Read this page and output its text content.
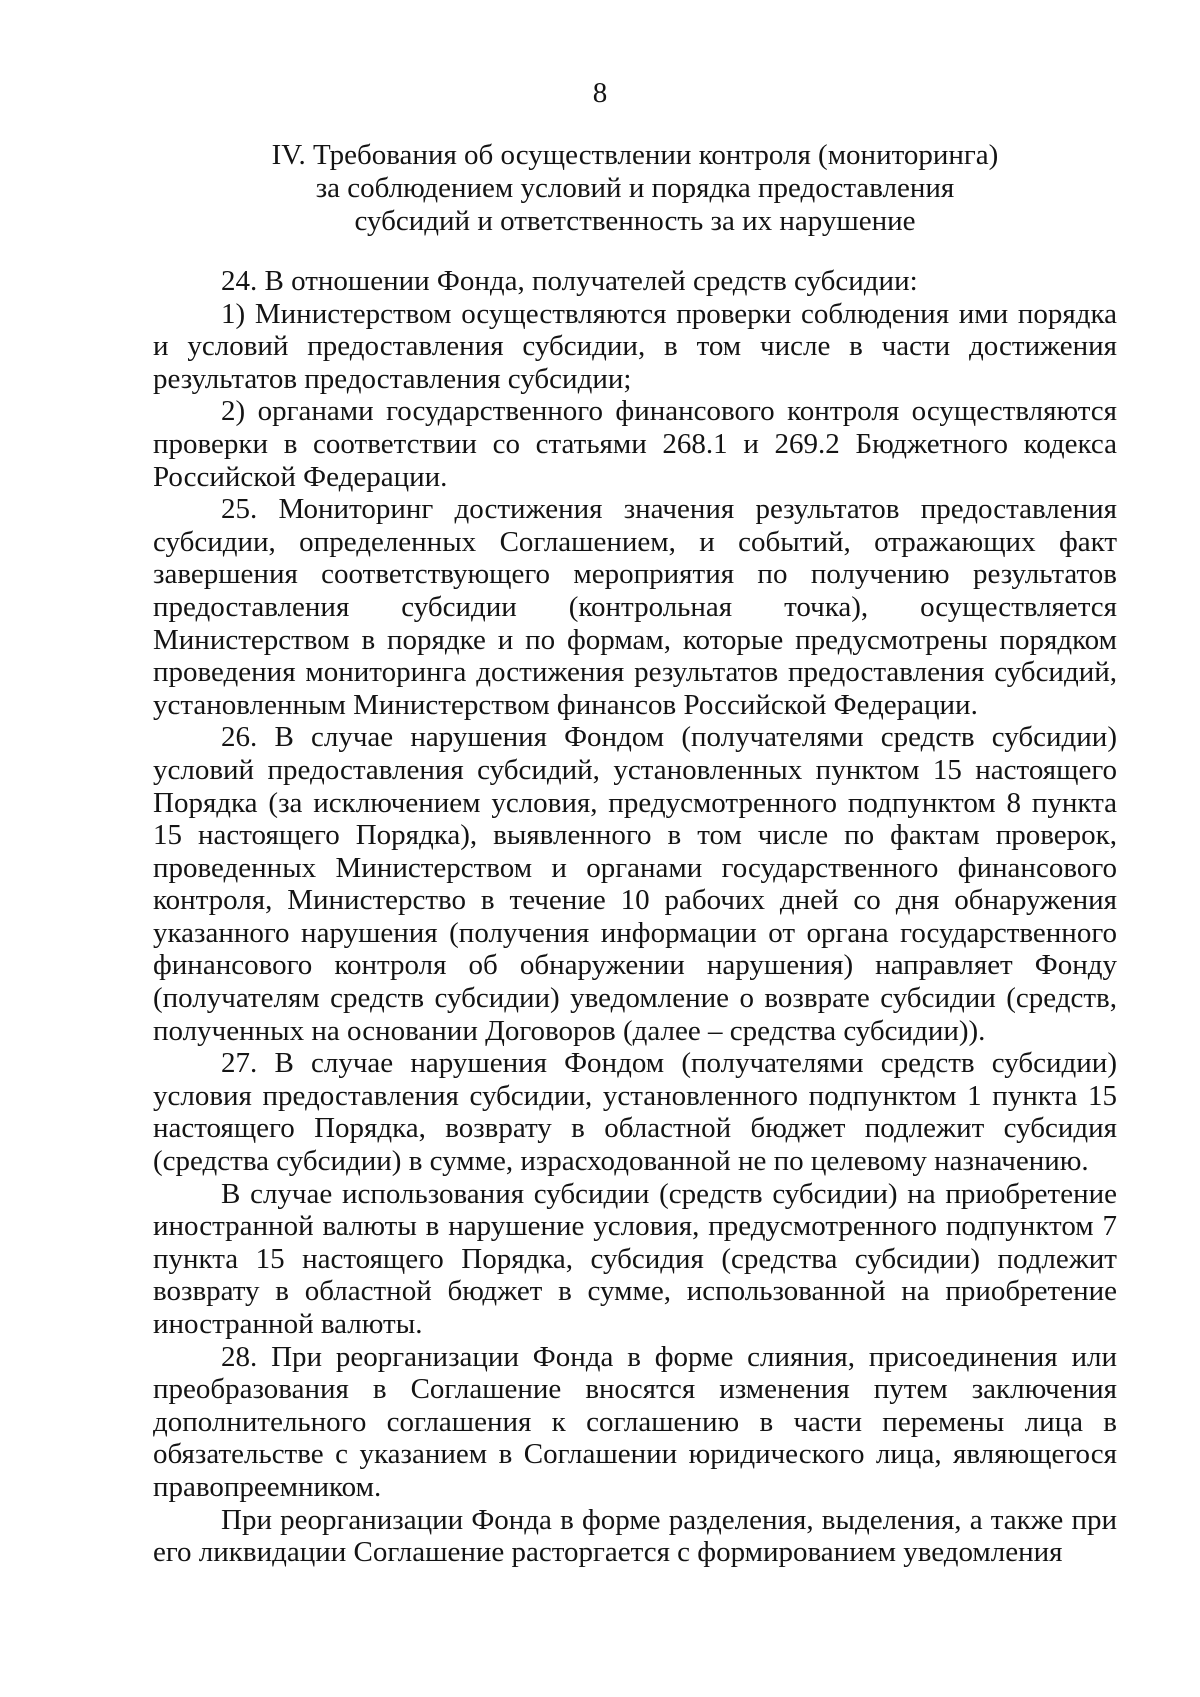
8
IV. Требования об осуществлении контроля (мониторинга)
за соблюдением условий и порядка предоставления
субсидий и ответственность за их нарушение

24. В отношении Фонда, получателей средств субсидии:

1) Министерством осуществляются проверки соблюдения ими порядка и условий предоставления субсидии, в том числе в части достижения результатов предоставления субсидии;

2) органами государственного финансового контроля осуществляются проверки в соответствии со статьями 268.1 и 269.2 Бюджетного кодекса Российской Федерации.

25. Мониторинг достижения значения результатов предоставления субсидии, определенных Соглашением, и событий, отражающих факт завершения соответствующего мероприятия по получению результатов предоставления субсидии (контрольная точка), осуществляется Министерством в порядке и по формам, которые предусмотрены порядком проведения мониторинга достижения результатов предоставления субсидий, установленным Министерством финансов Российской Федерации.

26. В случае нарушения Фондом (получателями средств субсидии) условий предоставления субсидий, установленных пунктом 15 настоящего Порядка (за исключением условия, предусмотренного подпунктом 8 пункта 15 настоящего Порядка), выявленного в том числе по фактам проверок, проведенных Министерством и органами государственного финансового контроля, Министерство в течение 10 рабочих дней со дня обнаружения указанного нарушения (получения информации от органа государственного финансового контроля об обнаружении нарушения) направляет Фонду (получателям средств субсидии) уведомление о возврате субсидии (средств, полученных на основании Договоров (далее – средства субсидии)).

27. В случае нарушения Фондом (получателями средств субсидии) условия предоставления субсидии, установленного подпунктом 1 пункта 15 настоящего Порядка, возврату в областной бюджет подлежит субсидия (средства субсидии) в сумме, израсходованной не по целевому назначению.

В случае использования субсидии (средств субсидии) на приобретение иностранной валюты в нарушение условия, предусмотренного подпунктом 7 пункта 15 настоящего Порядка, субсидия (средства субсидии) подлежит возврату в областной бюджет в сумме, использованной на приобретение иностранной валюты.

28. При реорганизации Фонда в форме слияния, присоединения или преобразования в Соглашение вносятся изменения путем заключения дополнительного соглашения к соглашению в части перемены лица в обязательстве с указанием в Соглашении юридического лица, являющегося правопреемником.

При реорганизации Фонда в форме разделения, выделения, а также при его ликвидации Соглашение расторгается с формированием уведомления
